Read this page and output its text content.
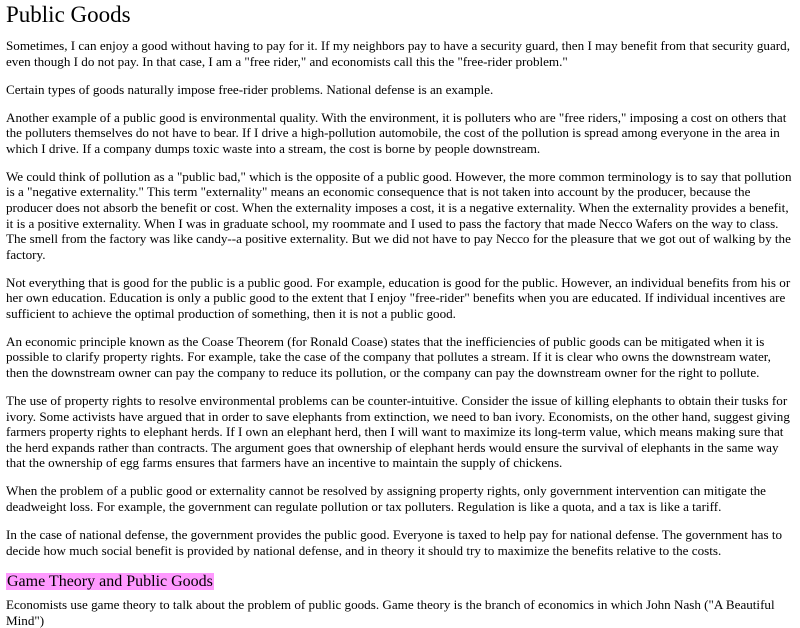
Public Goods

Sometimes, I can enjoy a good without having to pay for it. If my neighbors pay to have a security guard, then I may benefit from that security guard, even though I do not pay. In that case, I am a "free rider," and economists call this the "free-rider problem."

Certain types of goods naturally impose free-rider problems. National defense is an example.

Another example of a public good is environmental quality. With the environment, it is polluters who are "free riders," imposing a cost on others that the polluters themselves do not have to bear. If I drive a high-pollution automobile, the cost of the pollution is spread among everyone in the area in which I drive. If a company dumps toxic waste into a stream, the cost is borne by people downstream.

We could think of pollution as a "public bad," which is the opposite of a public good. However, the more common terminology is to say that pollution is a "negative externality." This term "externality" means an economic consequence that is not taken into account by the producer, because the producer does not absorb the benefit or cost. When the externality imposes a cost, it is a negative externality. When the externality provides a benefit, it is a positive externality. When I was in graduate school, my roommate and I used to pass the factory that made Necco Wafers on the way to class. The smell from the factory was like candy--a positive externality. But we did not have to pay Necco for the pleasure that we got out of walking by the factory.

Not everything that is good for the public is a public good. For example, education is good for the public. However, an individual benefits from his or her own education. Education is only a public good to the extent that I enjoy "free-rider" benefits when you are educated. If individual incentives are sufficient to achieve the optimal production of something, then it is not a public good.

An economic principle known as the Coase Theorem (for Ronald Coase) states that the inefficiencies of public goods can be mitigated when it is possible to clarify property rights. For example, take the case of the company that pollutes a stream. If it is clear who owns the downstream water, then the downstream owner can pay the company to reduce its pollution, or the company can pay the downstream owner for the right to pollute.

The use of property rights to resolve environmental problems can be counter-intuitive. Consider the issue of killing elephants to obtain their tusks for ivory. Some activists have argued that in order to save elephants from extinction, we need to ban ivory. Economists, on the other hand, suggest giving farmers property rights to elephant herds. If I own an elephant herd, then I will want to maximize its long-term value, which means making sure that the herd expands rather than contracts. The argument goes that ownership of elephant herds would ensure the survival of elephants in the same way that the ownership of egg farms ensures that farmers have an incentive to maintain the supply of chickens.

When the problem of a public good or externality cannot be resolved by assigning property rights, only government intervention can mitigate the deadweight loss. For example, the government can regulate pollution or tax polluters. Regulation is like a quota, and a tax is like a tariff.

In the case of national defense, the government provides the public good. Everyone is taxed to help pay for national defense. The government has to decide how much social benefit is provided by national defense, and in theory it should try to maximize the benefits relative to the costs.

Game Theory and Public Goods

Economists use game theory to talk about the problem of public goods. Game theory is the branch of economics in which John Nash ("A Beautiful Mind")
